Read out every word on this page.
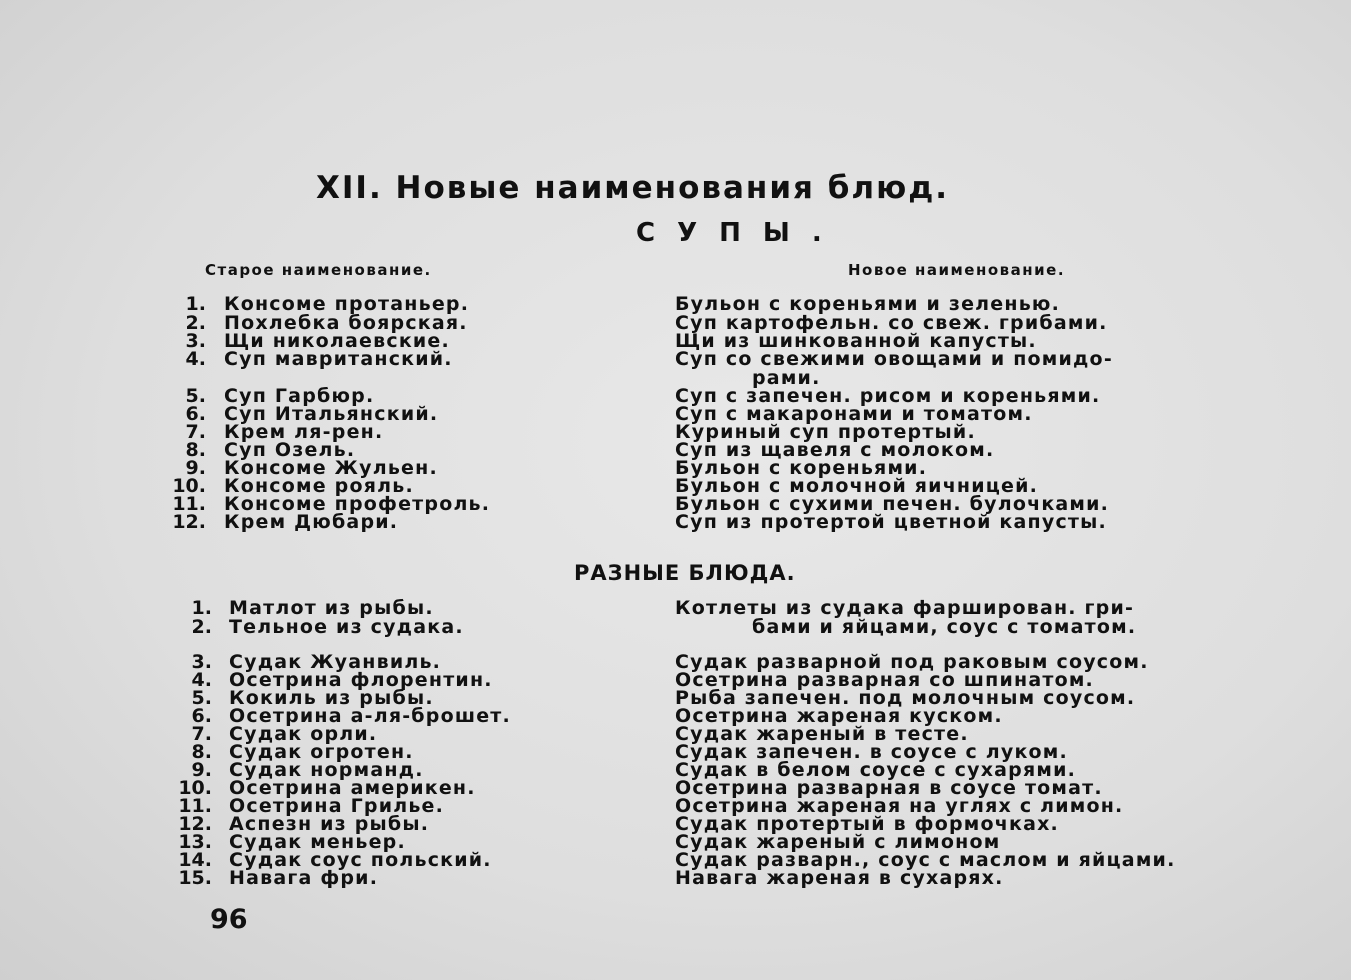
XII. Новые наименования блюд.
СУПЫ.
Старое наименование.	Новое наименование.
1. Консоме протаньер.	Бульон с кореньями и зеленью.
2. Похлебка боярская.	Суп картофельн. со свеж. грибами.
3. Щи николаевские.	Щи из шинкованной капусты.
4. Суп мавританский.	Суп со свежими овощами и помидо-
рами.
5. Суп Гарбюр.	Суп с запечен. рисом и кореньями.
6. Суп Итальянский.	Суп с макаронами и томатом.
7. Крем ля-рен.	Куриный суп протертый.
8. Суп Озель.	Суп из щавеля с молоком.
9. Консоме Жульен.	Бульон с кореньями.
10. Консоме рояль.	Бульон с молочной яичницей.
11. Консоме профетроль.	Бульон с сухими печен. булочками.
12. Крем Дюбари.	Суп из протертой цветной капусты.
РАЗНЫЕ БЛЮДА.
1. Матлот из рыбы.	Котлеты из судака фарширован. гри-
бами и яйцами, соус с томатом.
2. Тельное из судака.
3. Судак Жуанвиль.	Судак разварной под раковым соусом.
4. Осетрина флорентин.	Осетрина разварная со шпинатом.
5. Кокиль из рыбы.	Рыба запечен. под молочным соусом.
6. Осетрина а-ля-брошет.	Осетрина жареная куском.
7. Судак орли.	Судак жареный в тесте.
8. Судак огротен.	Судак запечен. в соусе с луком.
9. Судак норманд.	Судак в белом соусе с сухарями.
10. Осетрина америкен.	Осетрина разварная в соусе томат.
11. Осетрина Грилье.	Осетрина жареная на углях с лимон.
12. Аспезн из рыбы.	Судак протертый в формочках.
13. Судак меньер.	Судак жареный с лимоном
14. Судак соус польский.	Судак разварн., соус с маслом и яйцами.
15. Навага фри.	Навага жареная в сухарях.
96
